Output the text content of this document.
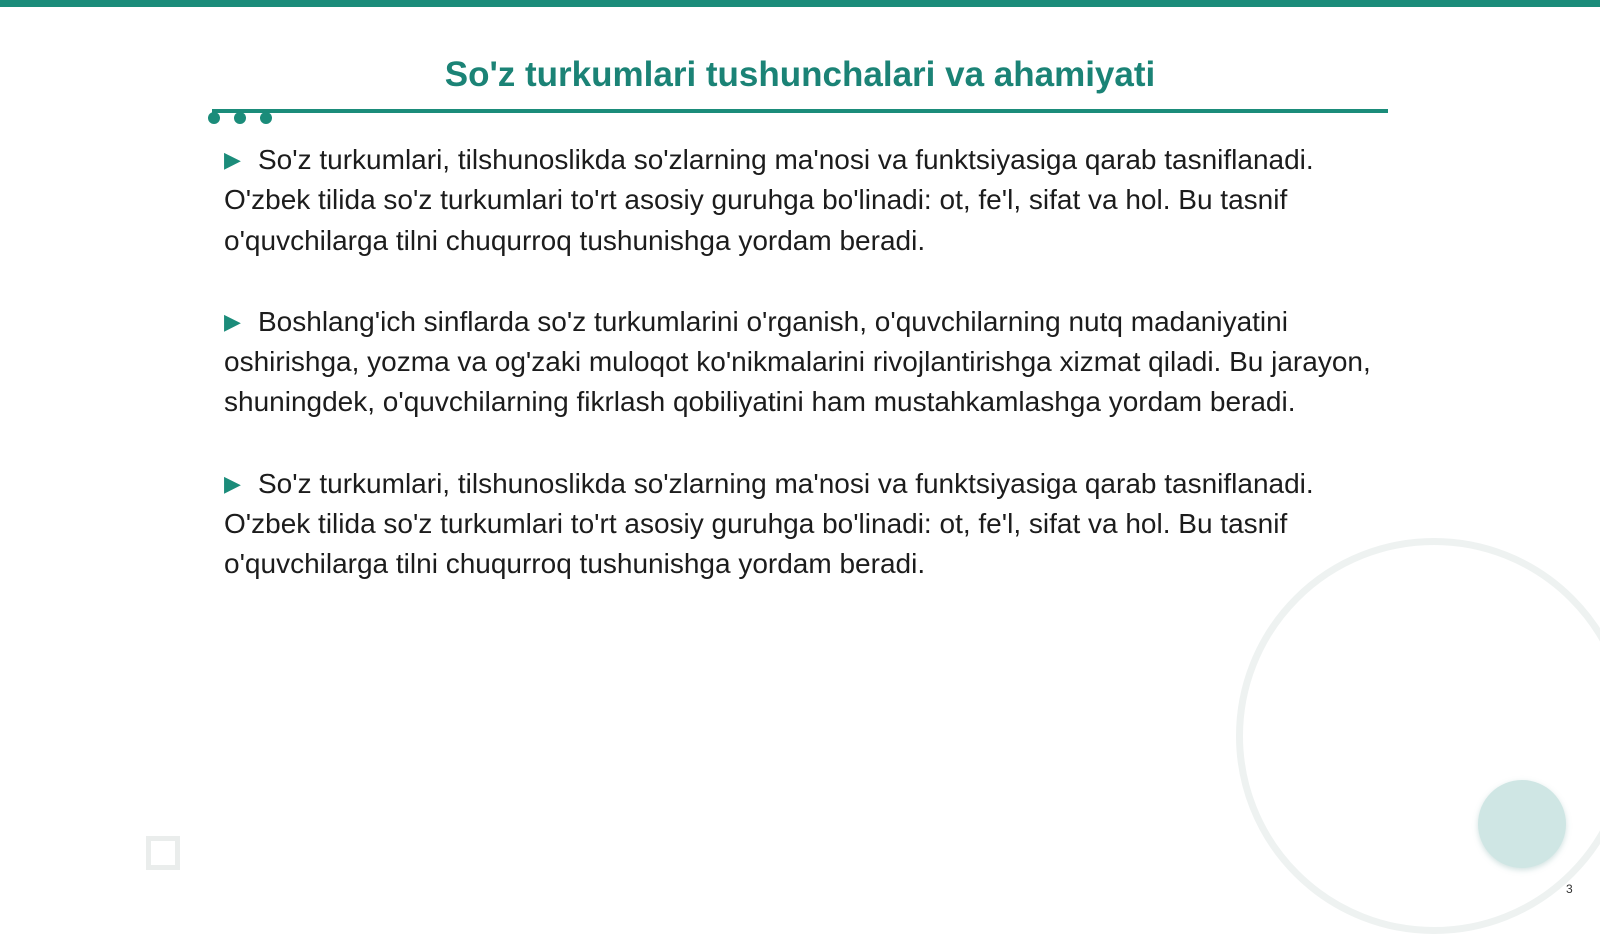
So'z turkumlari tushunchalari va ahamiyati

▶ So'z turkumlari, tilshunoslikda so'zlarning ma'nosi va funktsiyasiga qarab tasniflanadi. O'zbek tilida so'z turkumlari to'rt asosiy guruhga bo'linadi: ot, fe'l, sifat va hol. Bu tasnif o'quvchilarga tilni chuqurroq tushunishga yordam beradi.

▶ Boshlang'ich sinflarda so'z turkumlarini o'rganish, o'quvchilarning nutq madaniyatini oshirishga, yozma va og'zaki muloqot ko'nikmalarini rivojlantirishga xizmat qiladi. Bu jarayon, shuningdek, o'quvchilarning fikrlash qobiliyatini ham mustahkamlashga yordam beradi.

▶ So'z turkumlari, tilshunoslikda so'zlarning ma'nosi va funktsiyasiga qarab tasniflanadi. O'zbek tilida so'z turkumlari to'rt asosiy guruhga bo'linadi: ot, fe'l, sifat va hol. Bu tasnif o'quvchilarga tilni chuqurroq tushunishga yordam beradi.

3
